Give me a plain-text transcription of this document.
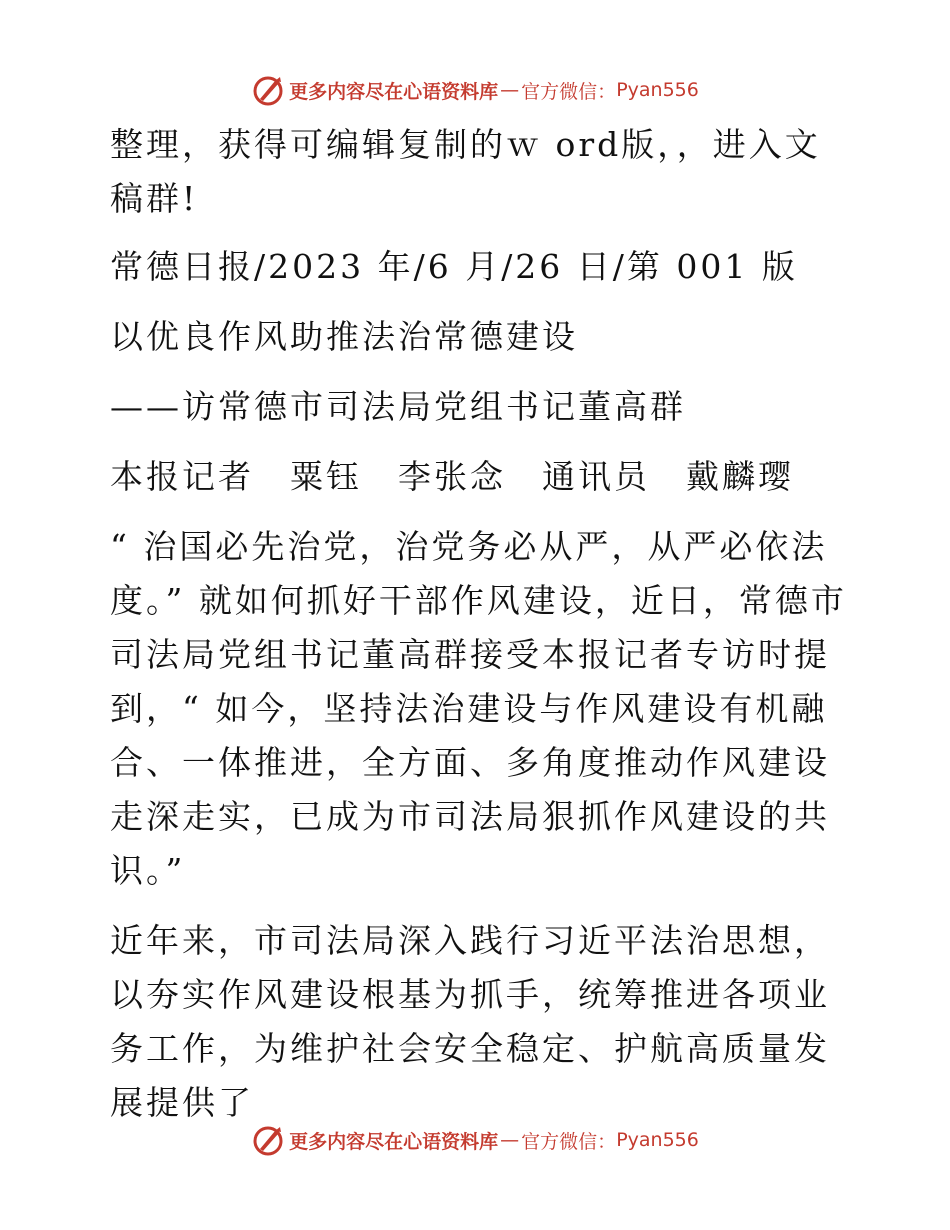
更多内容尽在心语资料库 — 官方微信： Pyan556

整理，获得可编辑复制的ｗ ord版，，进入文稿群!

常德日报/2023 年/6 月/26 日/第 001 版

以优良作风助推法治常德建设

——访常德市司法局党组书记董高群

本报记者　粟钰　李张念　通讯员　戴麟璎

“ 治国必先治党，治党务必从严，从严必依法度。” 就如何抓好干部作风建设，近日，常德市司法局党组书记董高群接受本报记者专访时提到，“ 如今，坚持法治建设与作风建设有机融合、一体推进，全方面、多角度推动作风建设走深走实，已成为市司法局狠抓作风建设的共识。”

近年来，市司法局深入践行习近平法治思想，以夯实作风建设根基为抓手，统筹推进各项业务工作，为维护社会安全稳定、护航高质量发展提供了

更多内容尽在心语资料库 — 官方微信： Pyan556
